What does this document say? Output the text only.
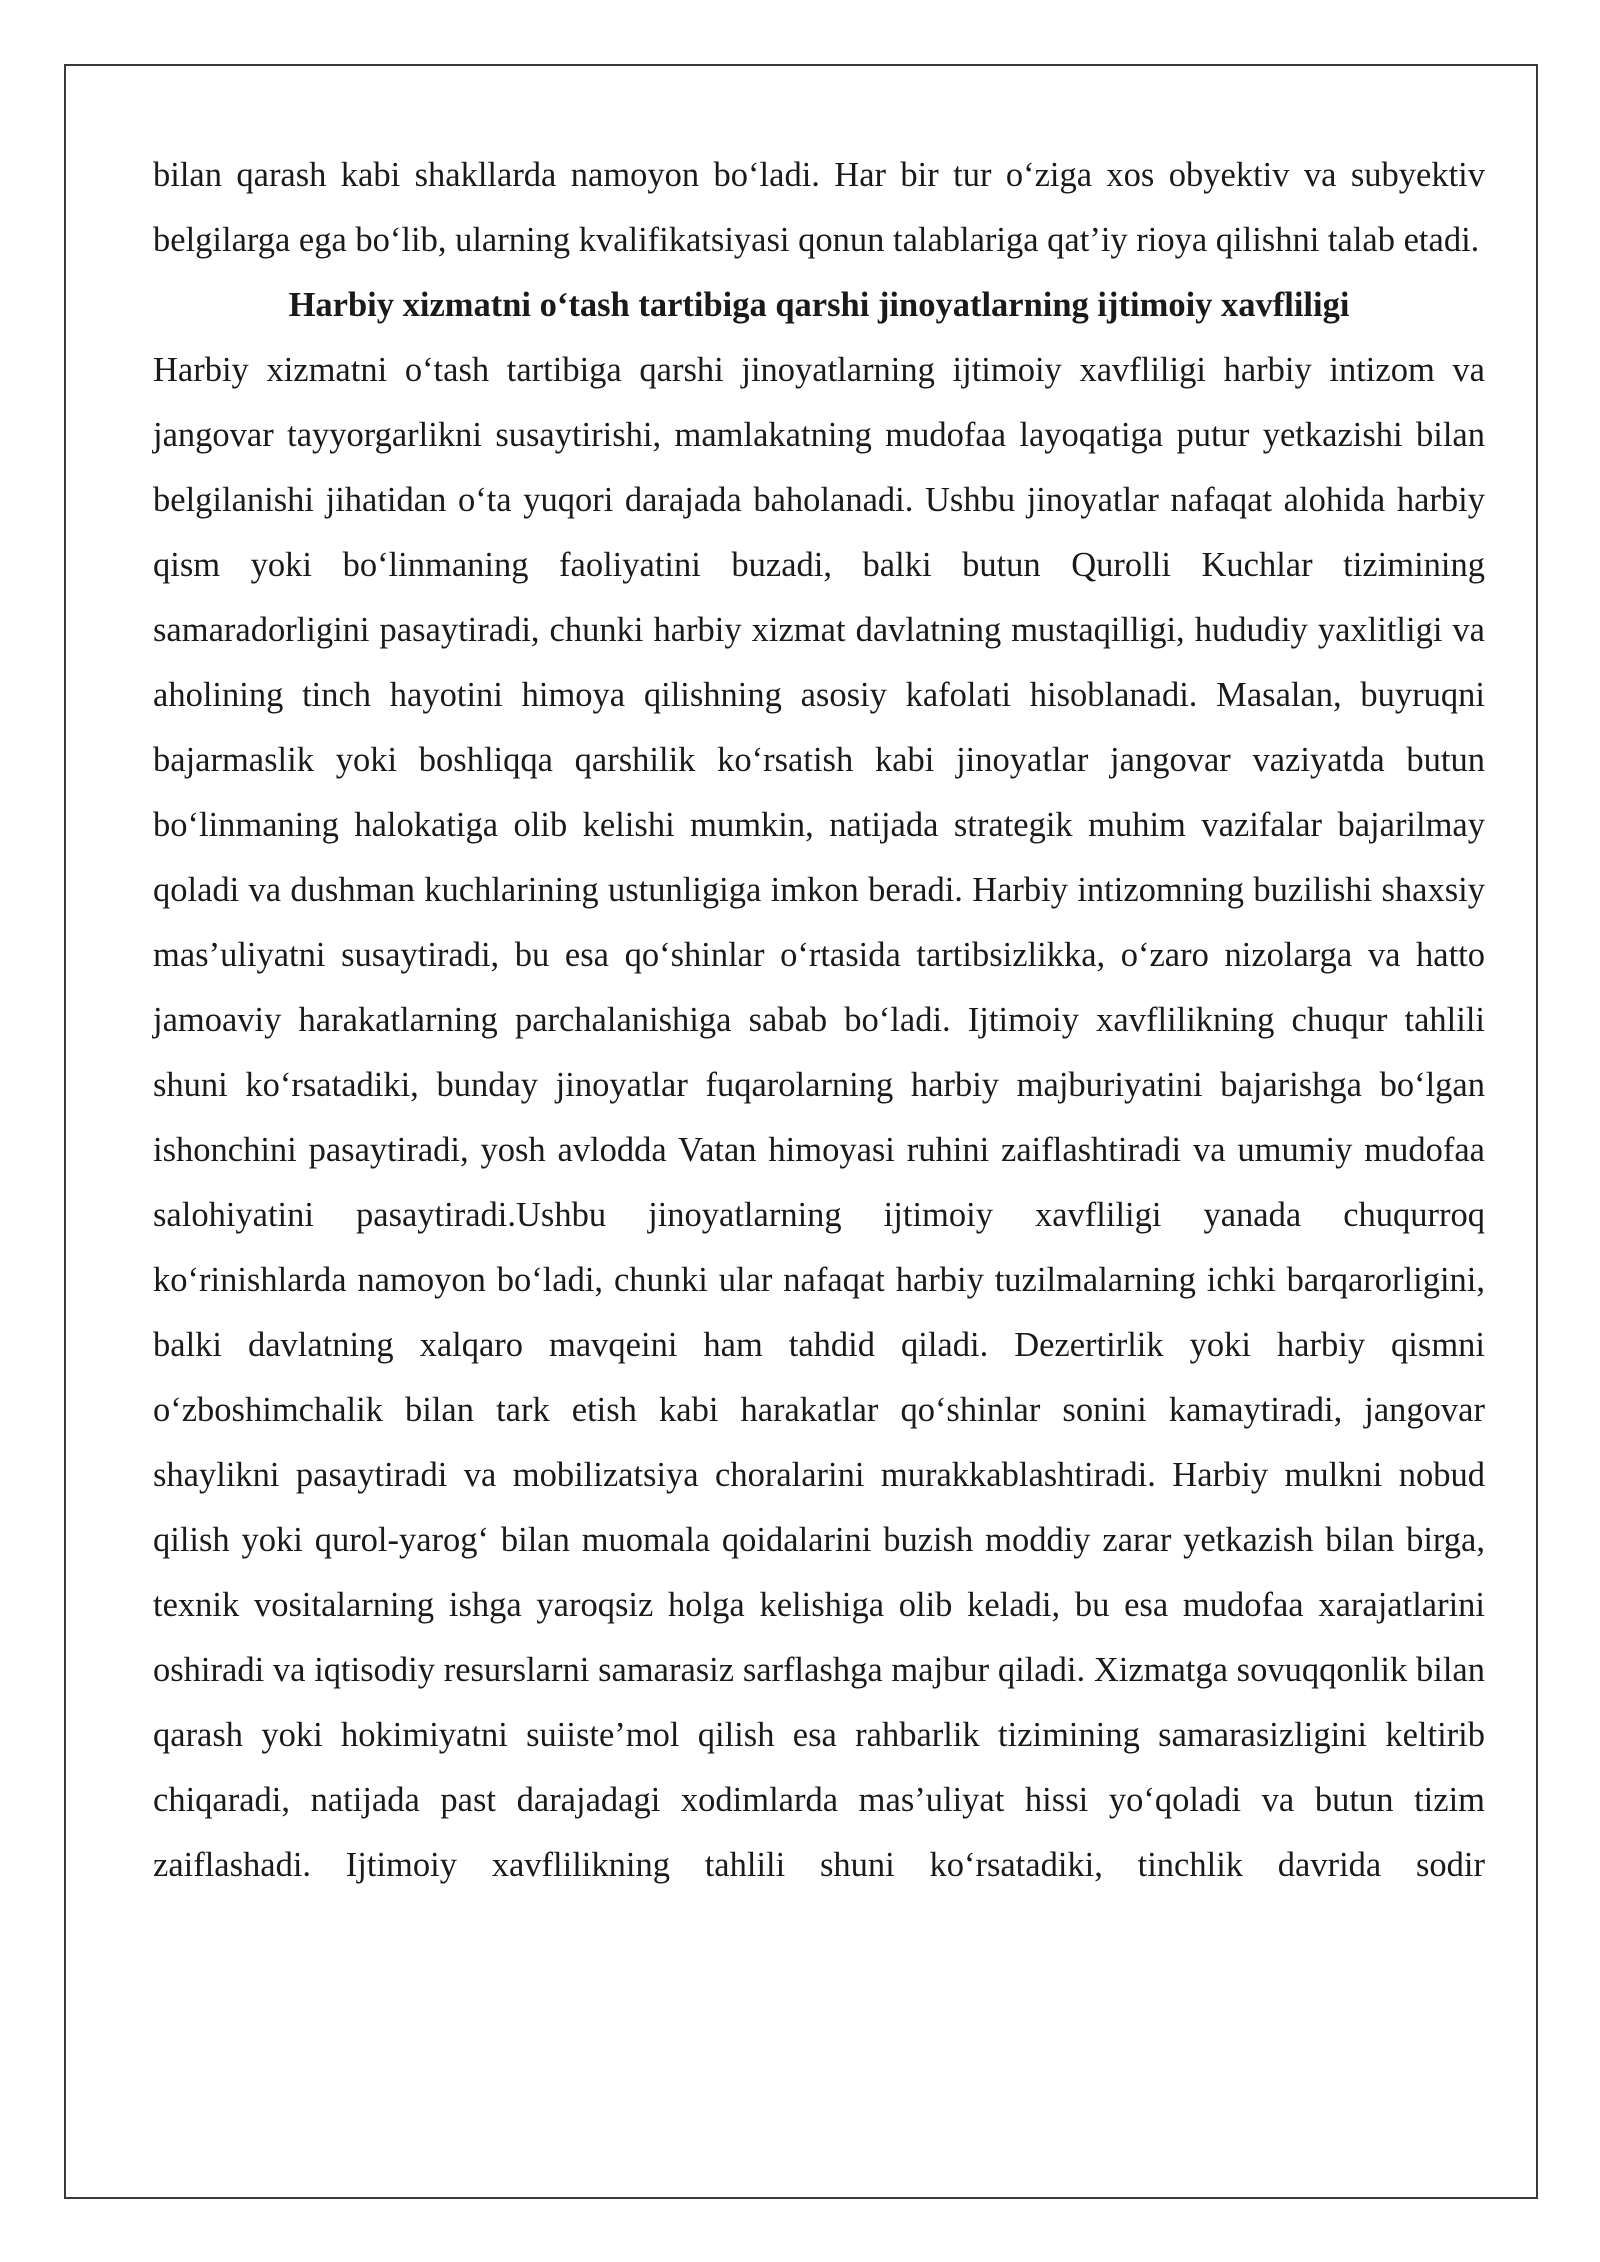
bilan qarash kabi shakllarda namoyon bo‘ladi. Har bir tur o‘ziga xos obyektiv va subyektiv belgilarga ega bo‘lib, ularning kvalifikatsiyasi qonun talablariga qat’iy rioya qilishni talab etadi.

Harbiy xizmatni o‘tash tartibiga qarshi jinoyatlarning ijtimoiy xavfliligi

Harbiy xizmatni o‘tash tartibiga qarshi jinoyatlarning ijtimoiy xavfliligi harbiy intizom va jangovar tayyorgarlikni susaytirishi, mamlakatning mudofaa layoqatiga putur yetkazishi bilan belgilanishi jihatidan o‘ta yuqori darajada baholanadi. Ushbu jinoyatlar nafaqat alohida harbiy qism yoki bo‘linmaning faoliyatini buzadi, balki butun Qurolli Kuchlar tizimining samaradorligini pasaytiradi, chunki harbiy xizmat davlatning mustaqilligi, hududiy yaxlitligi va aholining tinch hayotini himoya qilishning asosiy kafolati hisoblanadi. Masalan, buyruqni bajarmaslik yoki boshliqqa qarshilik ko‘rsatish kabi jinoyatlar jangovar vaziyatda butun bo‘linmaning halokatiga olib kelishi mumkin, natijada strategik muhim vazifalar bajarilmay qoladi va dushman kuchlarining ustunligiga imkon beradi. Harbiy intizomning buzilishi shaxsiy mas’uliyatni susaytiradi, bu esa qo‘shinlar o‘rtasida tartibsizlikka, o‘zaro nizolarga va hatto jamoaviy harakatlarning parchalanishiga sabab bo‘ladi. Ijtimoiy xavflilikning chuqur tahlili shuni ko‘rsatadiki, bunday jinoyatlar fuqarolarning harbiy majburiyatini bajarishga bo‘lgan ishonchini pasaytiradi, yosh avlodda Vatan himoyasi ruhini zaiflashtiradi va umumiy mudofaa salohiyatini pasaytiradi.Ushbu jinoyatlarning ijtimoiy xavfliligi yanada chuqurroq ko‘rinishlarda namoyon bo‘ladi, chunki ular nafaqat harbiy tuzilmalarning ichki barqarorligini, balki davlatning xalqaro mavqeini ham tahdid qiladi. Dezertirlik yoki harbiy qismni o‘zboshimchalik bilan tark etish kabi harakatlar qo‘shinlar sonini kamaytiradi, jangovar shaylikni pasaytiradi va mobilizatsiya choralarini murakkablashtiradi. Harbiy mulkni nobud qilish yoki qurol-yarog‘ bilan muomala qoidalarini buzish moddiy zarar yetkazish bilan birga, texnik vositalarning ishga yaroqsiz holga kelishiga olib keladi, bu esa mudofaa xarajatlarini oshiradi va iqtisodiy resurslarni samarasiz sarflashga majbur qiladi. Xizmatga sovuqqonlik bilan qarash yoki hokimiyatni suiiste’mol qilish esa rahbarlik tizimining samarasizligini keltirib chiqaradi, natijada past darajadagi xodimlarda mas’uliyat hissi yo‘qoladi va butun tizim zaiflashadi. Ijtimoiy xavflilikning tahlili shuni ko‘rsatadiki, tinchlik davrida sodir
